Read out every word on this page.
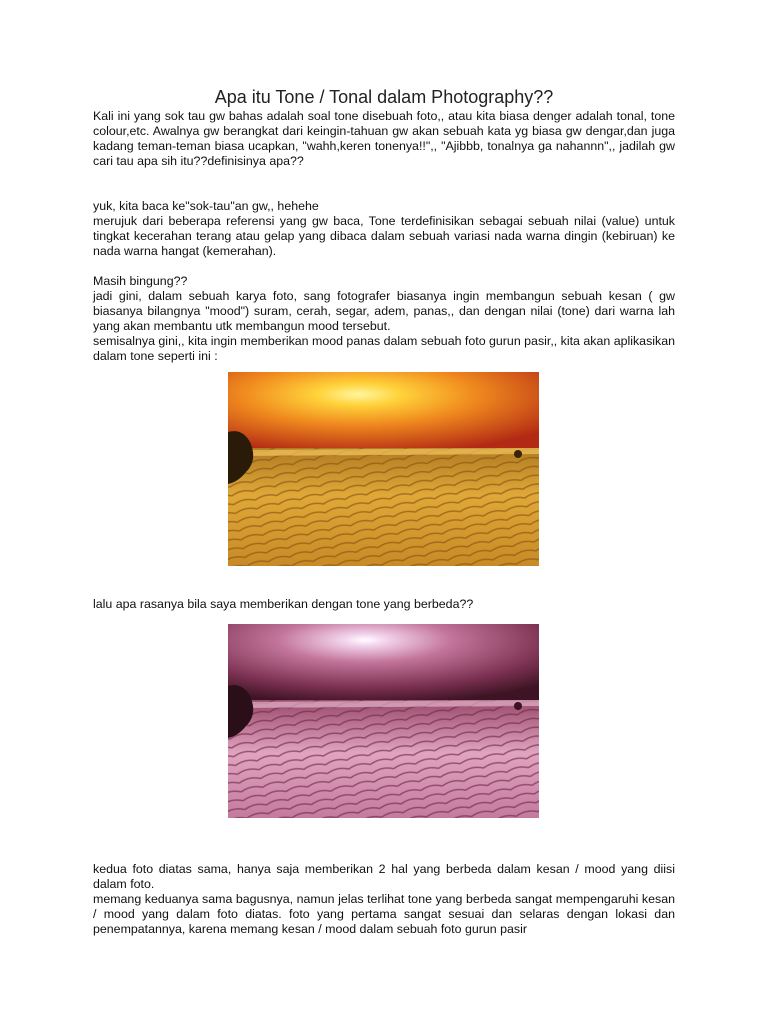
Apa itu Tone / Tonal dalam Photography??

Kali ini yang sok tau gw bahas adalah soal tone disebuah foto,, atau kita biasa denger adalah tonal, tone colour,etc. Awalnya gw berangkat dari keingin-tahuan gw akan sebuah kata yg biasa gw dengar,dan juga kadang teman-teman biasa ucapkan, "wahh,keren tonenya!!",, "Ajibbb, tonalnya ga nahannn",, jadilah gw cari tau apa sih itu??definisinya apa??

yuk, kita baca ke"sok-tau"an gw,, hehehe

merujuk dari beberapa referensi yang gw baca, Tone terdefinisikan sebagai sebuah nilai (value) untuk tingkat kecerahan terang atau gelap yang dibaca dalam sebuah variasi nada warna dingin (kebiruan) ke nada warna hangat (kemerahan).

Masih bingung??

jadi gini, dalam sebuah karya foto, sang fotografer biasanya ingin membangun sebuah kesan ( gw biasanya bilangnya "mood") suram, cerah, segar, adem, panas,, dan dengan nilai (tone) dari warna lah yang akan membantu utk membangun mood tersebut.

semisalnya gini,, kita ingin memberikan mood panas dalam sebuah foto gurun pasir,, kita akan aplikasikan dalam tone seperti ini :

lalu apa rasanya bila saya memberikan dengan tone yang berbeda??

kedua foto diatas sama, hanya saja memberikan 2 hal yang berbeda dalam kesan / mood yang diisi dalam foto.

memang keduanya sama bagusnya, namun jelas terlihat tone yang berbeda sangat mempengaruhi kesan / mood yang dalam foto diatas. foto yang pertama sangat sesuai dan selaras dengan lokasi dan penempatannya, karena memang kesan / mood dalam sebuah foto gurun pasir
